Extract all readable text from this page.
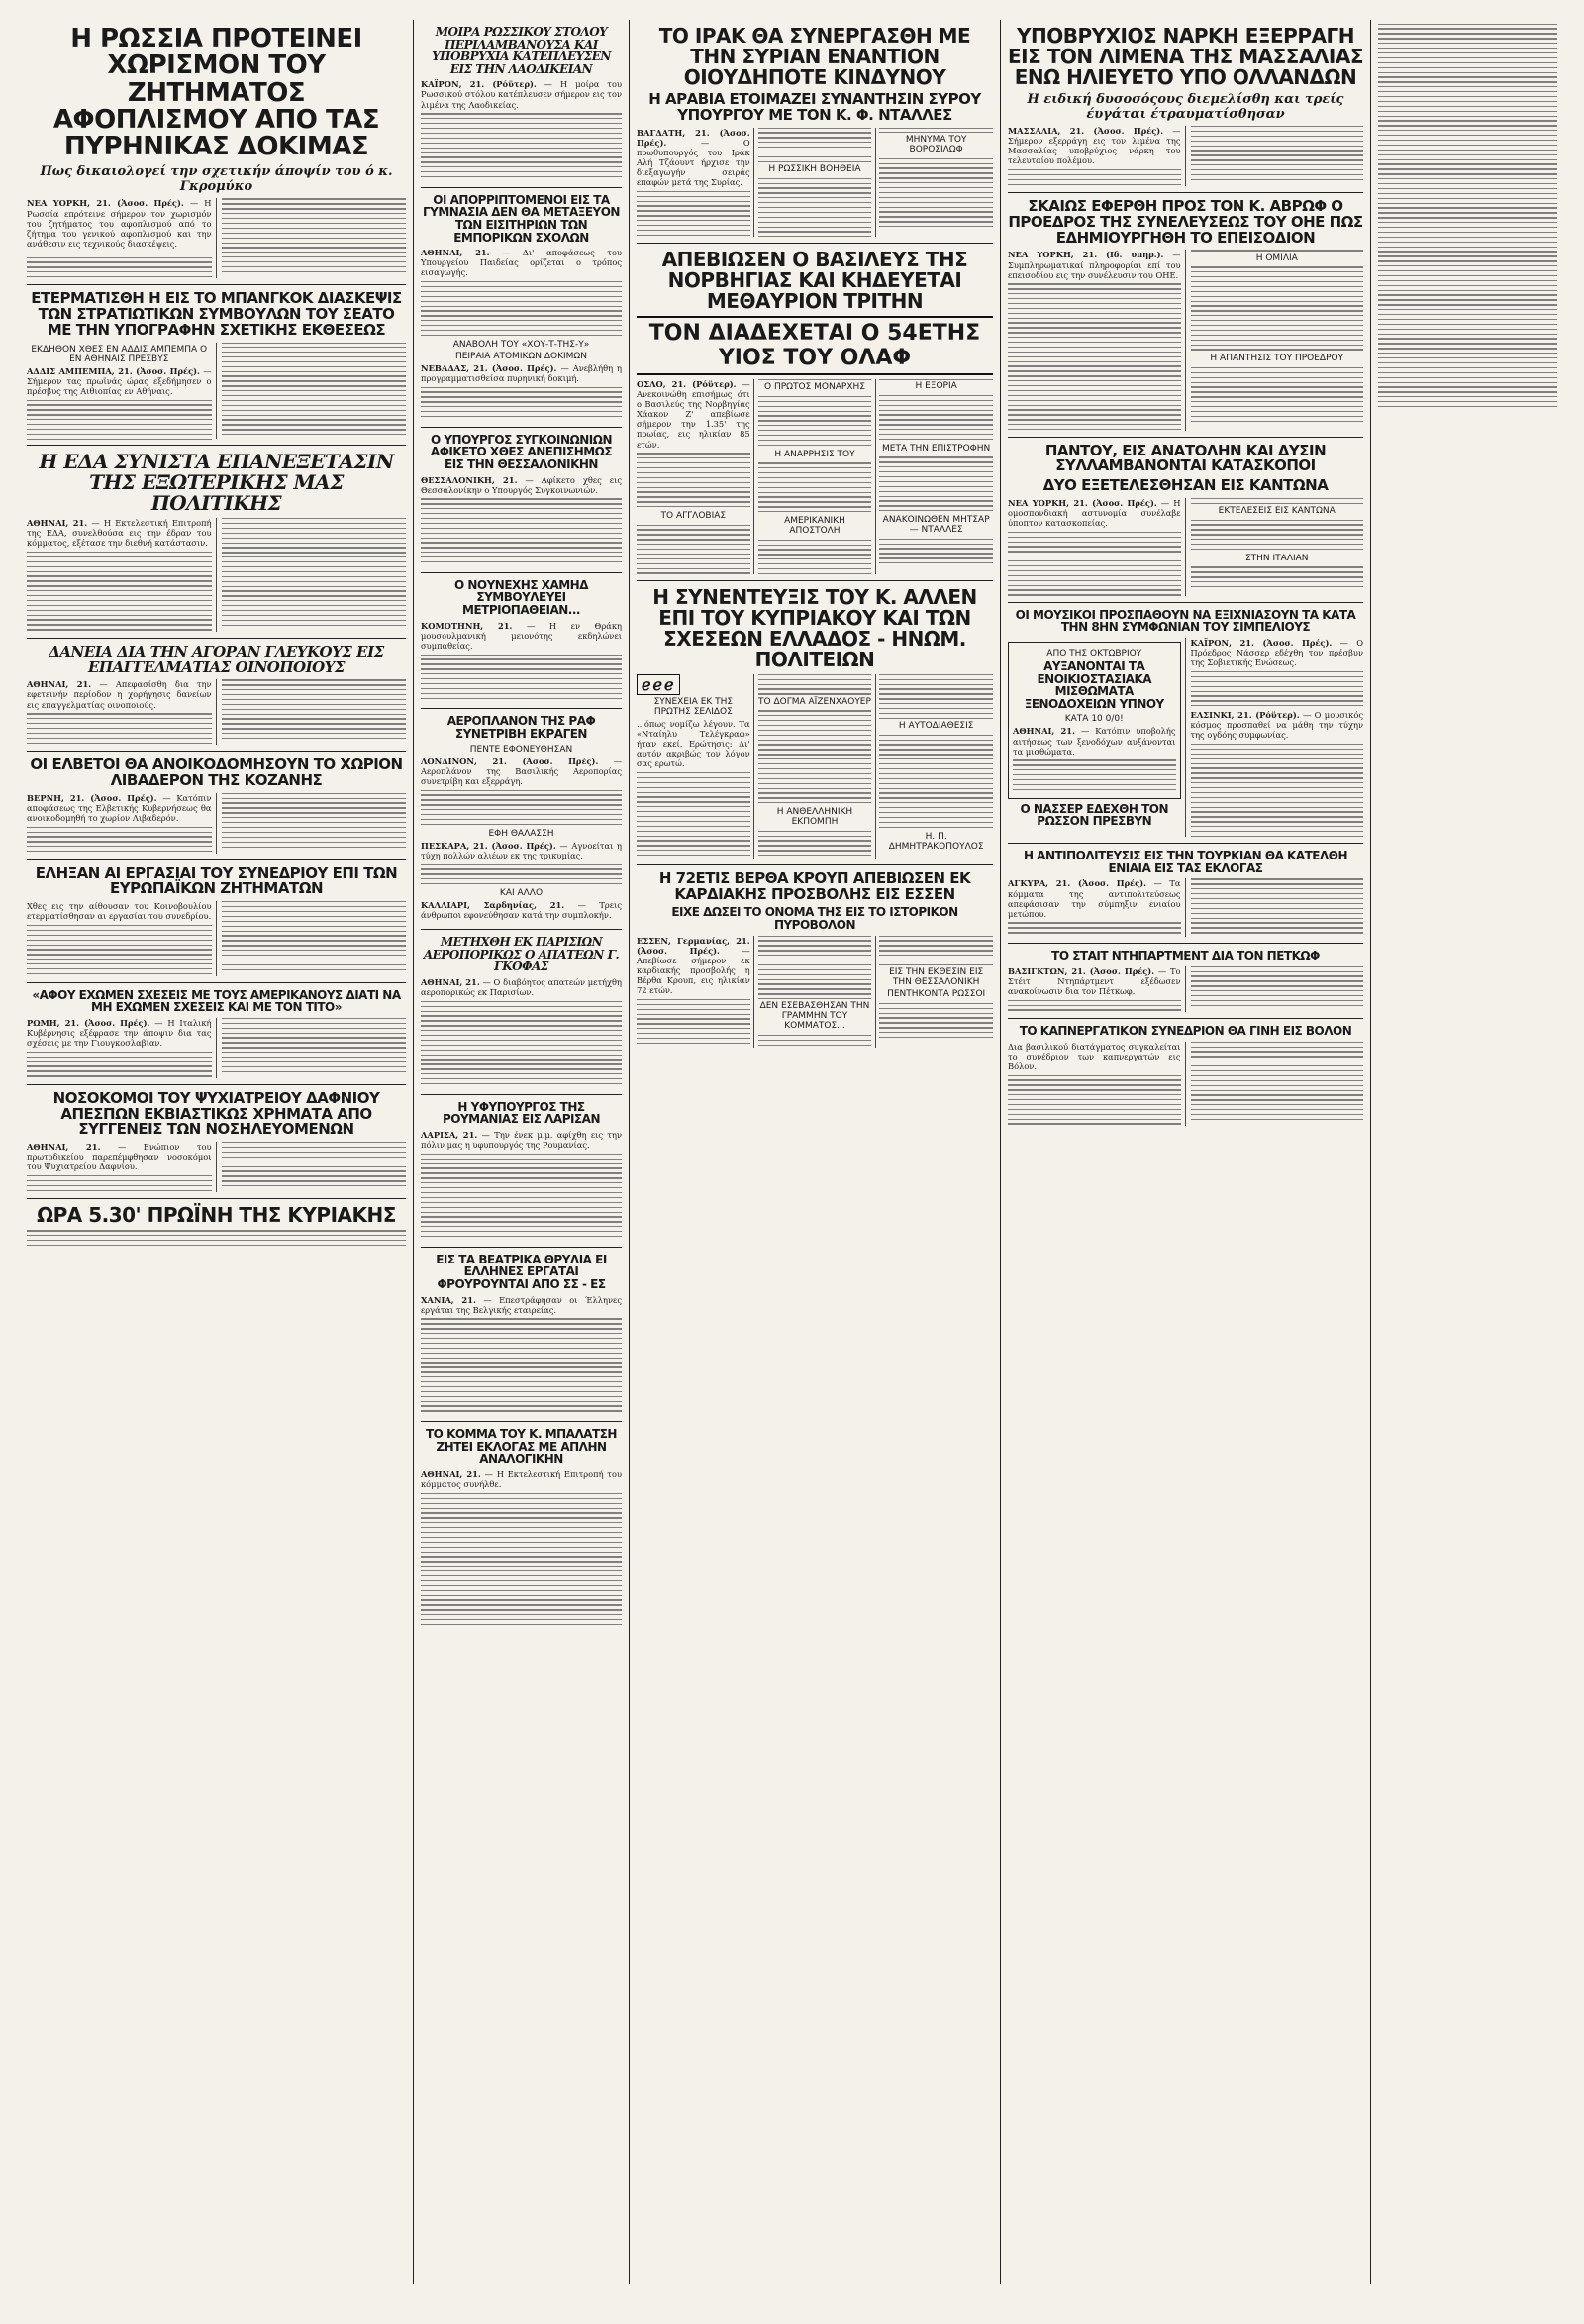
Η ΡΩΣΣΙΑ ΠΡΟΤΕΙΝΕΙ ΧΩΡΙΣΜΟΝ ΤΟΥ ΖΗΤΗΜΑΤΟΣ ΑΦΟΠΛΙΣΜΟΥ ΑΠΟ ΤΑΣ ΠΥΡΗΝΙΚΑΣ ΔΟΚΙΜΑΣ
Πως δικαιολογεί την σχετικήν άποψίν του ό κ. Γκρομύκο

ΝΕΑ ΥΟΡΚΗ, 21. (Ἀσοσ. Πρές). — Η Ρωσσία επρότεινε σήμερον τον χωρισμόν του ζητήματος του αφοπλισμού από το ζήτημα του γενικού αφοπλισμού και την ανάθεσιν εις τεχνικούς διασκέψεις.

ΕΤΕΡΜΑΤΙΣΘΗ Η ΕΙΣ ΤΟ ΜΠΑΝΓΚΟΚ ΔΙΑΣΚΕΨΙΣ ΤΩΝ ΣΤΡΑΤΙΩΤΙΚΩΝ ΣΥΜΒΟΥΛΩΝ ΤΟΥ ΣΕΑΤΟ ΜΕ ΤΗΝ ΥΠΟΓΡΑΦΗΝ ΣΧΕΤΙΚΗΣ ΕΚΘΕΣΕΩΣ
ΕΚΔΗΘΟΝ ΧΘΕΣ ΕΝ ΑΔΔΙΣ ΑΜΠΕΜΠΑ Ο ΕΝ ΑΘΗΝΑΙΣ ΠΡΕΣΒΥΣ

ΑΔΔΙΣ ΑΜΠΕΜΠΑ, 21. (Ἀσοσ. Πρές). — Σήμερον τας πρωϊνάς ώρας εξεδήμησεν ο πρέσβυς της Αιθιοπίας εν Αθήναις.

Η ΕΔΑ ΣΥΝΙΣΤΑ ΕΠΑΝΕΞΕΤΑΣΙΝ ΤΗΣ ΕΞΩΤΕΡΙΚΗΣ ΜΑΣ ΠΟΛΙΤΙΚΗΣ

ΑΘΗΝΑΙ, 21. — Η Εκτελεστική Επιτροπή της ΕΔΑ, συνελθούσα εις την έδραν του κόμματος, εξέτασε την διεθνή κατάστασιν.

ΔΑΝΕΙΑ ΔΙΑ ΤΗΝ ΑΓΟΡΑΝ ΓΛΕΥΚΟΥΣ ΕΙΣ ΕΠΑΓΓΕΛΜΑΤΙΑΣ ΟΙΝΟΠΟΙΟΥΣ

ΑΘΗΝΑΙ, 21. — Απεφασίσθη δια την εφετεινήν περίοδον η χορήγησις δανείων εις επαγγελματίας οινοποιούς.

ΟΙ ΕΛΒΕΤΟΙ ΘΑ ΑΝΟΙΚΟΔΟΜΗΣΟΥΝ ΤΟ ΧΩΡΙΟΝ ΛΙΒΑΔΕΡΟΝ ΤΗΣ ΚΟΖΑΝΗΣ

ΒΕΡΝΗ, 21. (Ἀσοσ. Πρές). — Κατόπιν αποφάσεως της Ελβετικής Κυβερνήσεως θα ανοικοδομηθή το χωρίον Λιβαδερόν.

ΕΛΗΞΑΝ ΑΙ ΕΡΓΑΣΙΑΙ ΤΟΥ ΣΥΝΕΔΡΙΟΥ ΕΠΙ ΤΩΝ ΕΥΡΩΠΑΪΚΩΝ ΖΗΤΗΜΑΤΩΝ

Χθες εις την αίθουσαν του Κοινοβουλίου ετερματίσθησαν αι εργασίαι του συνεδρίου.

«ΑΦΟΥ ΕΧΩΜΕΝ ΣΧΕΣΕΙΣ ΜΕ ΤΟΥΣ ΑΜΕΡΙΚΑΝΟΥΣ ΔΙΑΤΙ ΝΑ ΜΗ ΕΧΩΜΕΝ ΣΧΕΣΕΙΣ ΚΑΙ ΜΕ ΤΟΝ ΤΙΤΟ»

ΡΩΜΗ, 21. (Ἀσοσ. Πρές). — Η Ιταλική Κυβέρνησις εξέφρασε την άποψιν δια τας σχέσεις με την Γιουγκοσλαβίαν.

ΝΟΣΟΚΟΜΟΙ ΤΟΥ ΨΥΧΙΑΤΡΕΙΟΥ ΔΑΦΝΙΟΥ ΑΠΕΣΠΩΝ ΕΚΒΙΑΣΤΙΚΩΣ ΧΡΗΜΑΤΑ ΑΠΟ ΣΥΓΓΕΝΕΙΣ ΤΩΝ ΝΟΣΗΛΕΥΟΜΕΝΩΝ

ΑΘΗΝΑΙ, 21. — Ενώπιον του πρωτοδικείου παρεπέμφθησαν νοσοκόμοι του Ψυχιατρείου Δαφνίου.

ΩΡΑ 5.30' ΠΡΩΪΝΗ ΤΗΣ ΚΥΡΙΑΚΗΣ
ΜΟΙΡΑ ΡΩΣΣΙΚΟΥ ΣΤΟΛΟΥ ΠΕΡΙΛΑΜΒΑΝΟΥΣΑ ΚΑΙ ΥΠΟΒΡΥΧΙΑ ΚΑΤΕΠΛΕΥΣΕΝ ΕΙΣ ΤΗΝ ΛΑΟΔΙΚΕΙΑΝ

ΚΑΪΡΟΝ, 21. (Ρόϋτερ). — Η μοίρα του Ρωσσικού στόλου κατέπλευσεν σήμερον εις τον λιμένα της Λαοδικείας.

ΟΙ ΑΠΟΡΡΙΠΤΟΜΕΝΟΙ ΕΙΣ ΤΑ ΓΥΜΝΑΣΙΑ ΔΕΝ ΘΑ ΜΕΤΑΞΕΥΟΝ ΤΩΝ ΕΙΣΙΤΗΡΙΩΝ ΤΩΝ ΕΜΠΟΡΙΚΩΝ ΣΧΟΛΩΝ

ΑΘΗΝΑΙ, 21. — Δι' αποφάσεως του Υπουργείου Παιδείας ορίζεται ο τρόπος εισαγωγής.

ΑΝΑΒΟΛΗ ΤΟΥ «ΧΟΥ-Τ-ΤΗΣ-Υ»
ΠΕΙΡΑΙΑ ΑΤΟΜΙΚΩΝ ΔΟΚΙΜΩΝ

ΝΕΒΑΔΑΣ, 21. (Ἀσοσ. Πρές). — Ανεβλήθη η προγραμματισθείσα πυρηνική δοκιμή.

Ο ΥΠΟΥΡΓΟΣ ΣΥΓΚΟΙΝΩΝΙΩΝ ΑΦΙΚΕΤΟ ΧΘΕΣ ΑΝΕΠΙΣΗΜΩΣ ΕΙΣ ΤΗΝ ΘΕΣΣΑΛΟΝΙΚΗΝ

ΘΕΣΣΑΛΟΝΙΚΗ, 21. — Αφίκετο χθες εις Θεσσαλονίκην ο Υπουργός Συγκοινωνιών.

Ο ΝΟΥΝΕΧΗΣ ΧΑΜΗΔ ΣΥΜΒΟΥΛΕΥΕΙ ΜΕΤΡΙΟΠΑΘΕΙΑΝ...

ΚΟΜΟΤΗΝΗ, 21. — Η εν Θράκη μουσουλμανική μειονότης εκδηλώνει συμπαθείας.

ΑΕΡΟΠΛΑΝΟΝ ΤΗΣ ΡΑΦ ΣΥΝΕΤΡΙΒΗ ΕΚΡΑΓΕΝ
ΠΕΝΤΕ ΕΦΟΝΕΥΘΗΣΑΝ

ΛΟΝΔΙΝΟΝ, 21. (Ἀσοσ. Πρές). — Αεροπλάνον της Βασιλικής Αεροπορίας συνετρίβη και εξερράγη.

ΕΦΗ ΘΑΛΑΣΣΗ

ΠΕΣΚΑΡΑ, 21. (Ἀσοσ. Πρές). — Αγνοείται η τύχη πολλών αλιέων εκ της τρικυμίας.

ΚΑΙ ΑΛΛΟ

ΚΑΛΛΙΑΡΙ, Σαρδηνίας, 21. — Τρεις άνθρωποι εφονεύθησαν κατά την συμπλοκήν.

ΜΕΤΗΧΘΗ ΕΚ ΠΑΡΙΣΙΩΝ ΑΕΡΟΠΟΡΙΚΩΣ Ο ΑΠΑΤΕΩΝ Γ. ΓΚΟΦΑΣ

ΑΘΗΝΑΙ, 21. — Ο διαβόητος απατεών μετήχθη αεροπορικώς εκ Παρισίων.

Η ΥΦΥΠΟΥΡΓΟΣ ΤΗΣ ΡΟΥΜΑΝΙΑΣ ΕΙΣ ΛΑΡΙΣΑΝ

ΛΑΡΙΣΑ, 21. — Την ένεκ μ.μ. αφίχθη εις την πόλιν μας η υφυπουργός της Ρουμανίας.

ΕΙΣ ΤΑ ΒΕΑΤΡΙΚΑ ΘΡΥΛΙΑ ΕΙ ΕΛΛΗΝΕΣ ΕΡΓΑΤΑΙ ΦΡΟΥΡΟΥΝΤΑΙ ΑΠΟ ΣΣ - ΕΣ

ΧΑΝΙΑ, 21. — Επεστράφησαν οι Έλληνες εργάται της Βελγικής εταιρείας.

ΤΟ ΚΟΜΜΑ ΤΟΥ Κ. ΜΠΑΛΑΤΣΗ ΖΗΤΕΙ ΕΚΛΟΓΑΣ ΜΕ ΑΠΛΗΝ ΑΝΑΛΟΓΙΚΗΝ

ΑΘΗΝΑΙ, 21. — Η Εκτελεστική Επιτροπή του κόμματος συνήλθε.

ΤΟ ΙΡΑΚ ΘΑ ΣΥΝΕΡΓΑΣΘΗ ΜΕ ΤΗΝ ΣΥΡΙΑΝ ΕΝΑΝΤΙΟΝ ΟΙΟΥΔΗΠΟΤΕ ΚΙΝΔΥΝΟΥ
Η ΑΡΑΒΙΑ ΕΤΟΙΜΑΖΕΙ ΣΥΝΑΝΤΗΣΙΝ ΣΥΡΟΥ ΥΠΟΥΡΓΟΥ ΜΕ ΤΟΝ Κ. Φ. ΝΤΑΛΛΕΣ

ΒΑΓΔΑΤΗ, 21. (Ἀσοσ. Πρές).	— Ο πρωθυπουργός του Ιράκ Αλή Τζάουντ ήρχισε την διεξαγωγήν σειράς επαφών μετά της Συρίας.

Η ΡΩΣΣΙΚΗ ΒΟΗΘΕΙΑ
ΜΗΝΥΜΑ ΤΟΥ ΒΟΡΟΣΙΛΩΦ
ΑΠΕΒΙΩΣΕΝ Ο ΒΑΣΙΛΕΥΣ ΤΗΣ ΝΟΡΒΗΓΙΑΣ ΚΑΙ ΚΗΔΕΥΕΤΑΙ ΜΕΘΑΥΡΙΟΝ ΤΡΙΤΗΝ
ΤΟΝ ΔΙΑΔΕΧΕΤΑΙ Ο 54ΕΤΗΣ ΥΙΟΣ ΤΟΥ ΟΛΑΦ

ΟΣΛΟ, 21. (Ρόϋτερ). — Ανεκοινώθη επισήμως ότι ο Βασιλεύς της Νορβηγίας Χάακον Ζ' απεβίωσε σήμερον την 1.35' της πρωίας, εις ηλικίαν 85 ετών.

ΤΟ ΑΓΓΛΟΒΙΑΣ
Ο ΠΡΩΤΟΣ ΜΟΝΑΡΧΗΣ
Η ΑΝΑΡΡΗΣΙΣ ΤΟΥ
ΑΜΕΡΙΚΑΝΙΚΗ ΑΠΟΣΤΟΛΗ
Η ΕΞΟΡΙΑ
ΜΕΤΑ ΤΗΝ ΕΠΙΣΤΡΟΦΗΝ
ΑΝΑΚΟΙΝΩΘΕΝ ΜΗΤΣΑΡ — ΝΤΑΛΛΕΣ
Η ΣΥΝΕΝΤΕΥΞΙΣ ΤΟΥ Κ. ΑΛΛΕΝ ΕΠΙ ΤΟΥ ΚΥΠΡΙΑΚΟΥ ΚΑΙ ΤΩΝ ΣΧΕΣΕΩΝ ΕΛΛΑΔΟΣ - ΗΝΩΜ. ΠΟΛΙΤΕΙΩΝ
ℯℯℯ
ΣΥΝΕΧΕΙΑ ΕΚ ΤΗΣ ΠΡΩΤΗΣ ΣΕΛΙΔΟΣ

...όπως νομίζω λέγουν. Τα «Νταίηλυ Τελέγκραφ» ήταν εκεί. Ερώτησις: Δι' αυτόν ακριβώς τον λόγον σας ερωτώ.

ΤΟ ΔΟΓΜΑ ΑΪΖΕΝΧΑΟΥΕΡ
Η ΑΝΘΕΛΛΗΝΙΚΗ ΕΚΠΟΜΠΗ
Η ΑΥΤΟΔΙΑΘΕΣΙΣ
Η. Π. ΔΗΜΗΤΡΑΚΟΠΟΥΛΟΣ
Η 72ΕΤΙΣ ΒΕΡΘΑ ΚΡΟΥΠ ΑΠΕΒΙΩΣΕΝ ΕΚ ΚΑΡΔΙΑΚΗΣ ΠΡΟΣΒΟΛΗΣ ΕΙΣ ΕΣΣΕΝ
ΕΙΧΕ ΔΩΣΕΙ ΤΟ ΟΝΟΜΑ ΤΗΣ ΕΙΣ ΤΟ ΙΣΤΟΡΙΚΟΝ ΠΥΡΟΒΟΛΟΝ

ΕΣΣΕΝ, Γερμανίας, 21. (Ἀσοσ. Πρές).	— Απεβίωσε σήμερον εκ καρδιακής προσβολής η Βέρθα Κρουπ, εις ηλικίαν 72 ετών.

ΔΕΝ ΕΣΕΒΑΣΘΗΣΑΝ ΤΗΝ ΓΡΑΜΜΗΝ ΤΟΥ ΚΟΜΜΑΤΟΣ...
ΕΙΣ ΤΗΝ ΕΚΘΕΣΙΝ ΕΙΣ ΤΗΝ ΘΕΣΣΑΛΟΝΙΚΗ
ΠΕΝΤΗΚΟΝΤΑ ΡΩΣΣΟΙ
ΥΠΟΒΡΥΧΙΟΣ ΝΑΡΚΗ ΕΞΕΡΡΑΓΗ ΕΙΣ ΤΟΝ ΛΙΜΕΝΑ ΤΗΣ ΜΑΣΣΑΛΙΑΣ ΕΝΩ ΗΛΙΕΥΕΤΟ ΥΠΟ ΟΛΛΑΝΔΩΝ
Η ειδική δυσοσόςους διεμελίσθη και τρείς έυγάται έτραυματίσθησαν

ΜΑΣΣΑΛΙΑ, 21. (Ἀσοσ. Πρές). — Σήμερον εξερράγη εις τον λιμένα της Μασσαλίας υποβρύχιος νάρκη του τελευταίου πολέμου.

ΣΚΑΙΩΣ ΕΦΕΡΘΗ ΠΡΟΣ ΤΟΝ Κ. ΑΒΡΩΦ Ο ΠΡΟΕΔΡΟΣ ΤΗΣ ΣΥΝΕΛΕΥΣΕΩΣ ΤΟΥ ΟΗΕ ΠΩΣ ΕΔΗΜΙΟΥΡΓΗΘΗ ΤΟ ΕΠΕΙΣΟΔΙΟΝ

ΝΕΑ ΥΟΡΚΗ, 21. (Ιδ. υπηρ.). — Συμπληρωματικαί πληροφορίαι επί του επεισοδίου εις την συνέλευσιν του ΟΗΕ.

Η ΟΜΙΛΙΑ
Η ΑΠΑΝΤΗΣΙΣ ΤΟΥ ΠΡΟΕΔΡΟΥ
ΠΑΝΤΟΥ, ΕΙΣ ΑΝΑΤΟΛΗΝ ΚΑΙ ΔΥΣΙΝ ΣΥΛΛΑΜΒΑΝΟΝΤΑΙ ΚΑΤΑΣΚΟΠΟΙ
ΔΥΟ ΕΞΕΤΕΛΕΣΘΗΣΑΝ ΕΙΣ ΚΑΝΤΩΝΑ

ΝΕΑ ΥΟΡΚΗ, 21. (Ἀσοσ. Πρές). — Η ομοσπονδιακή αστυνομία συνέλαβε ύποπτον κατασκοπείας.

ΕΚΤΕΛΕΣΕΙΣ ΕΙΣ ΚΑΝΤΩΝΑ
ΣΤΗΝ ΙΤΑΛΙΑΝ
ΟΙ ΜΟΥΣΙΚΟΙ ΠΡΟΣΠΑΘΟΥΝ ΝΑ ΕΞΙΧΝΙΑΣΟΥΝ ΤΑ ΚΑΤΑ ΤΗΝ 8ΗΝ ΣΥΜΦΩΝΙΑΝ ΤΟΥ ΣΙΜΠΕΛΙΟΥΣ
ΑΠΟ ΤΗΣ ΟΚΤΩΒΡΙΟΥ
ΑΥΞΑΝΟΝΤΑΙ ΤΑ ΕΝΟΙΚΙΟΣΤΑΣΙΑΚΑ ΜΙΣΘΩΜΑΤΑ ΞΕΝΟΔΟΧΕΙΩΝ ΥΠΝΟΥ
ΚΑΤΑ 10 0/0!

ΑΘΗΝΑΙ, 21. — Κατόπιν υποβολής αιτήσεως των ξενοδόχων αυξάνονται τα μισθώματα.

Ο ΝΑΣΣΕΡ ΕΔΕΧΘΗ ΤΟΝ ΡΩΣΣΟΝ ΠΡΕΣΒΥΝ

ΚΑΪΡΟΝ, 21. (Ἀσοσ. Πρές). — Ο Πρόεδρος Νάσσερ εδέχθη τον πρέσβυν της Σοβιετικής Ενώσεως.

ΕΛΣΙΝΚΙ, 21. (Ρόϋτερ). — Ο μουσικός κόσμος προσπαθεί να μάθη την τύχην της ογδόης συμφωνίας.

Η ΑΝΤΙΠΟΛΙΤΕΥΣΙΣ ΕΙΣ ΤΗΝ ΤΟΥΡΚΙΑΝ ΘΑ ΚΑΤΕΛΘΗ ΕΝΙΑΙΑ ΕΙΣ ΤΑΣ ΕΚΛΟΓΑΣ

ΑΓΚΥΡΑ, 21. (Ἀσοσ. Πρές). — Τα κόμματα της αντιπολιτεύσεως απεφάσισαν την σύμπηξιν ενιαίου μετώπου.

ΤΟ ΣΤΑΙΤ ΝΤΗΠΑΡΤΜΕΝΤ ΔΙΑ ΤΟΝ ΠΕΤΚΩΦ

ΒΑΣΙΓΚΤΩΝ, 21. (Ἀσοσ. Πρές). — Το Στέιτ Ντηπάρτμεντ εξέδωσεν ανακοίνωσιν δια τον Πέτκωφ.

ΤΟ ΚΑΠΝΕΡΓΑΤΙΚΟΝ ΣΥΝΕΔΡΙΟΝ ΘΑ ΓΙΝΗ ΕΙΣ ΒΟΛΟΝ

Δια βασιλικού διατάγματος συγκαλείται το συνέδριον των καπνεργατών εις Βόλον.
